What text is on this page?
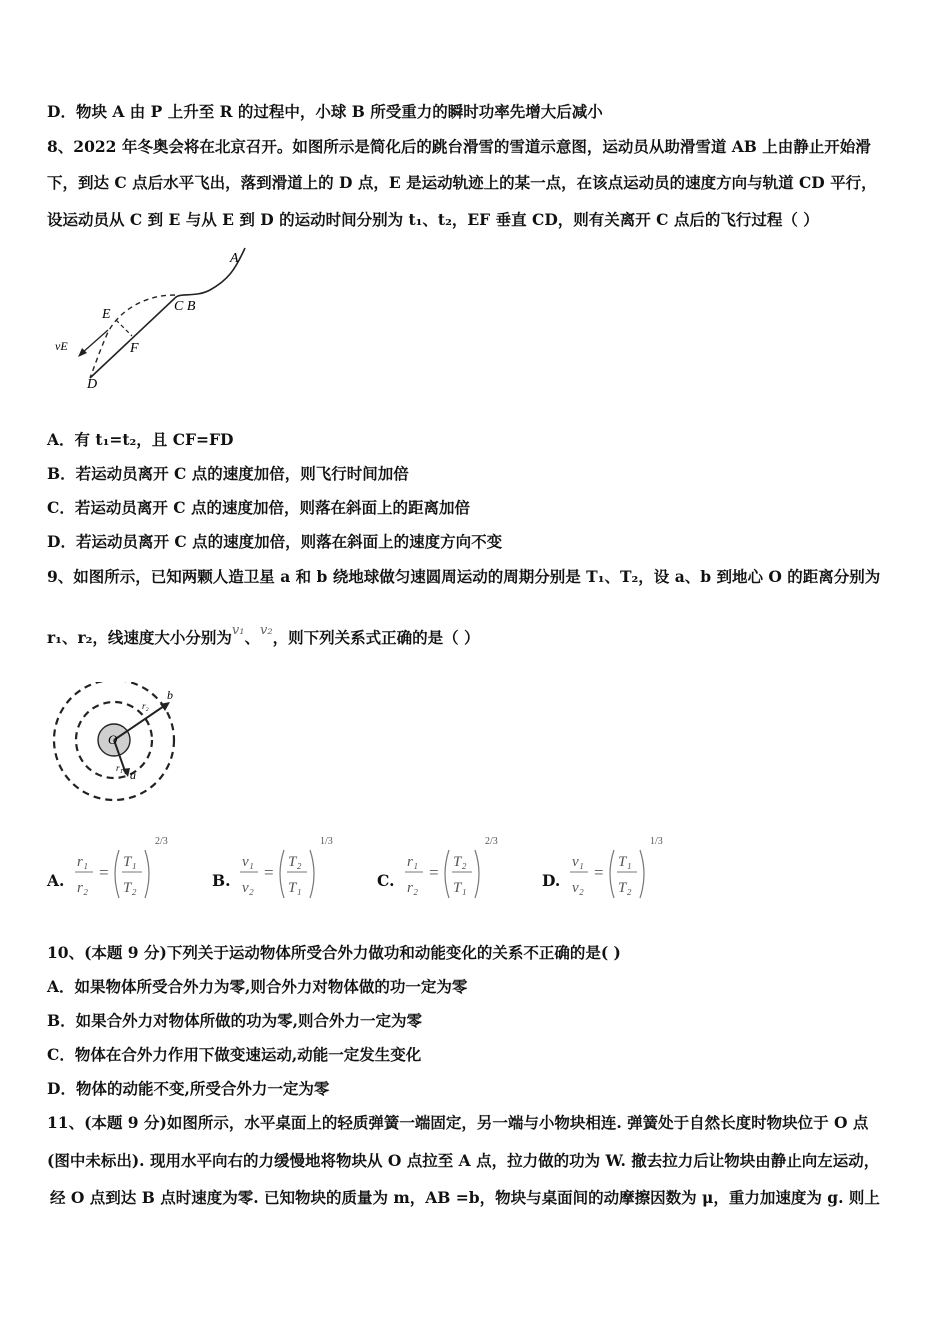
D．物块 A 由 P 上升至 R 的过程中，小球 B 所受重力的瞬时功率先增大后减小
8、2022 年冬奥会将在北京召开。如图所示是简化后的跳台滑雪的雪道示意图，运动员从助滑雪道 AB 上由静止开始滑
下，到达 C 点后水平飞出，落到滑道上的 D 点，E 是运动轨迹上的某一点，在该点运动员的速度方向与轨道 CD 平行，
设运动员从 C 到 E 与从 E 到 D 的运动时间分别为 t₁、t₂，EF 垂直 CD，则有关离开 C 点后的飞行过程（ ）
A
C B
E
F
D
vE
A．有 t₁=t₂，且 CF=FD
B．若运动员离开 C 点的速度加倍，则飞行时间加倍
C．若运动员离开 C 点的速度加倍，则落在斜面上的距离加倍
D．若运动员离开 C 点的速度加倍，则落在斜面上的速度方向不变
9、如图所示，已知两颗人造卫星 a 和 b 绕地球做匀速圆周运动的周期分别是 T₁、T₂，设 a、b 到地心 O 的距离分别为
r₁、r₂，线速度大小分别为$^{v_1}$、$^{v_2}$，则下列关系式正确的是（ ）
O
b
a
r₂
r₁
A.
r₁
r₂
=
T₁
T₂
2/3
B.
v₁
v₂
=
T₂
T₁
1/3
C.
r₁
r₂
=
T₂
T₁
2/3
D.
v₁
v₂
=
T₁
T₂
1/3
10、(本题 9 分)下列关于运动物体所受合外力做功和动能变化的关系不正确的是( )
A．如果物体所受合外力为零,则合外力对物体做的功一定为零
B．如果合外力对物体所做的功为零,则合外力一定为零
C．物体在合外力作用下做变速运动,动能一定发生变化
D．物体的动能不变,所受合外力一定为零
11、(本题 9 分)如图所示，水平桌面上的轻质弹簧一端固定，另一端与小物块相连. 弹簧处于自然长度时物块位于 O 点
(图中未标出). 现用水平向右的力缓慢地将物块从 O 点拉至 A 点，拉力做的功为 W. 撤去拉力后让物块由静止向左运动，
经 O 点到达 B 点时速度为零. 已知物块的质量为 m，AB =b，物块与桌面间的动摩擦因数为 μ，重力加速度为 g. 则上
